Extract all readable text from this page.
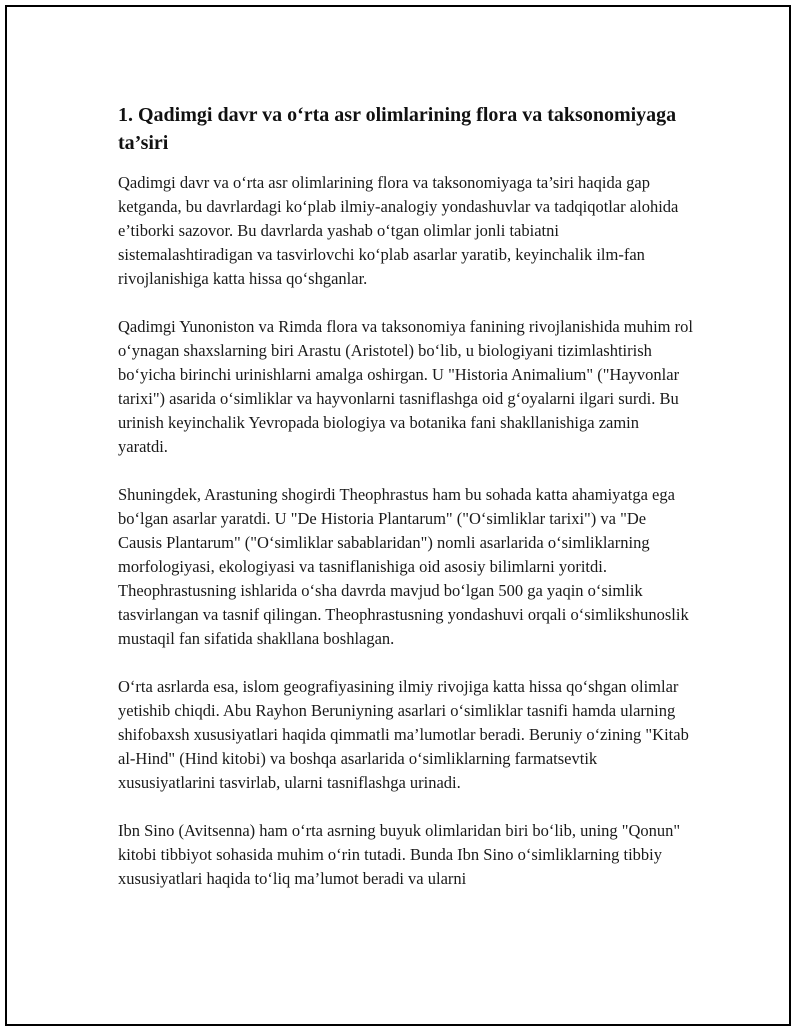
1. Qadimgi davr va o‘rta asr olimlarining flora va taksonomiyaga ta’siri

Qadimgi davr va o‘rta asr olimlarining flora va taksonomiyaga ta’siri haqida gap ketganda, bu davrlardagi ko‘plab ilmiy-analogiy yondashuvlar va tadqiqotlar alohida e’tiborki sazovor. Bu davrlarda yashab o‘tgan olimlar jonli tabiatni sistemalashtiradigan va tasvirlovchi ko‘plab asarlar yaratib, keyinchalik ilm-fan rivojlanishiga katta hissa qo‘shganlar.

Qadimgi Yunoniston va Rimda flora va taksonomiya fanining rivojlanishida muhim rol o‘ynagan shaxslarning biri Arastu (Aristotel) bo‘lib, u biologiyani tizimlashtirish bo‘yicha birinchi urinishlarni amalga oshirgan. U "Historia Animalium" ("Hayvonlar tarixi") asarida o‘simliklar va hayvonlarni tasniflashga oid g‘oyalarni ilgari surdi. Bu urinish keyinchalik Yevropada biologiya va botanika fani shakllanishiga zamin yaratdi.

Shuningdek, Arastuning shogirdi Theophrastus ham bu sohada katta ahamiyatga ega bo‘lgan asarlar yaratdi. U "De Historia Plantarum" ("O‘simliklar tarixi") va "De Causis Plantarum" ("O‘simliklar sabablaridan") nomli asarlarida o‘simliklarning morfologiyasi, ekologiyasi va tasniflanishiga oid asosiy bilimlarni yoritdi. Theophrastusning ishlarida o‘sha davrda mavjud bo‘lgan 500 ga yaqin o‘simlik tasvirlangan va tasnif qilingan. Theophrastusning yondashuvi orqali o‘simlikshunoslik mustaqil fan sifatida shakllana boshlagan.

O‘rta asrlarda esa, islom geografiyasining ilmiy rivojiga katta hissa qo‘shgan olimlar yetishib chiqdi. Abu Rayhon Beruniyning asarlari o‘simliklar tasnifi hamda ularning shifobaxsh xususiyatlari haqida qimmatli ma’lumotlar beradi. Beruniy o‘zining "Kitab al-Hind" (Hind kitobi) va boshqa asarlarida o‘simliklarning farmatsevtik xususiyatlarini tasvirlab, ularni tasniflashga urinadi.

Ibn Sino (Avitsenna) ham o‘rta asrning buyuk olimlaridan biri bo‘lib, uning "Qonun" kitobi tibbiyot sohasida muhim o‘rin tutadi. Bunda Ibn Sino o‘simliklarning tibbiy xususiyatlari haqida to‘liq ma’lumot beradi va ularni
